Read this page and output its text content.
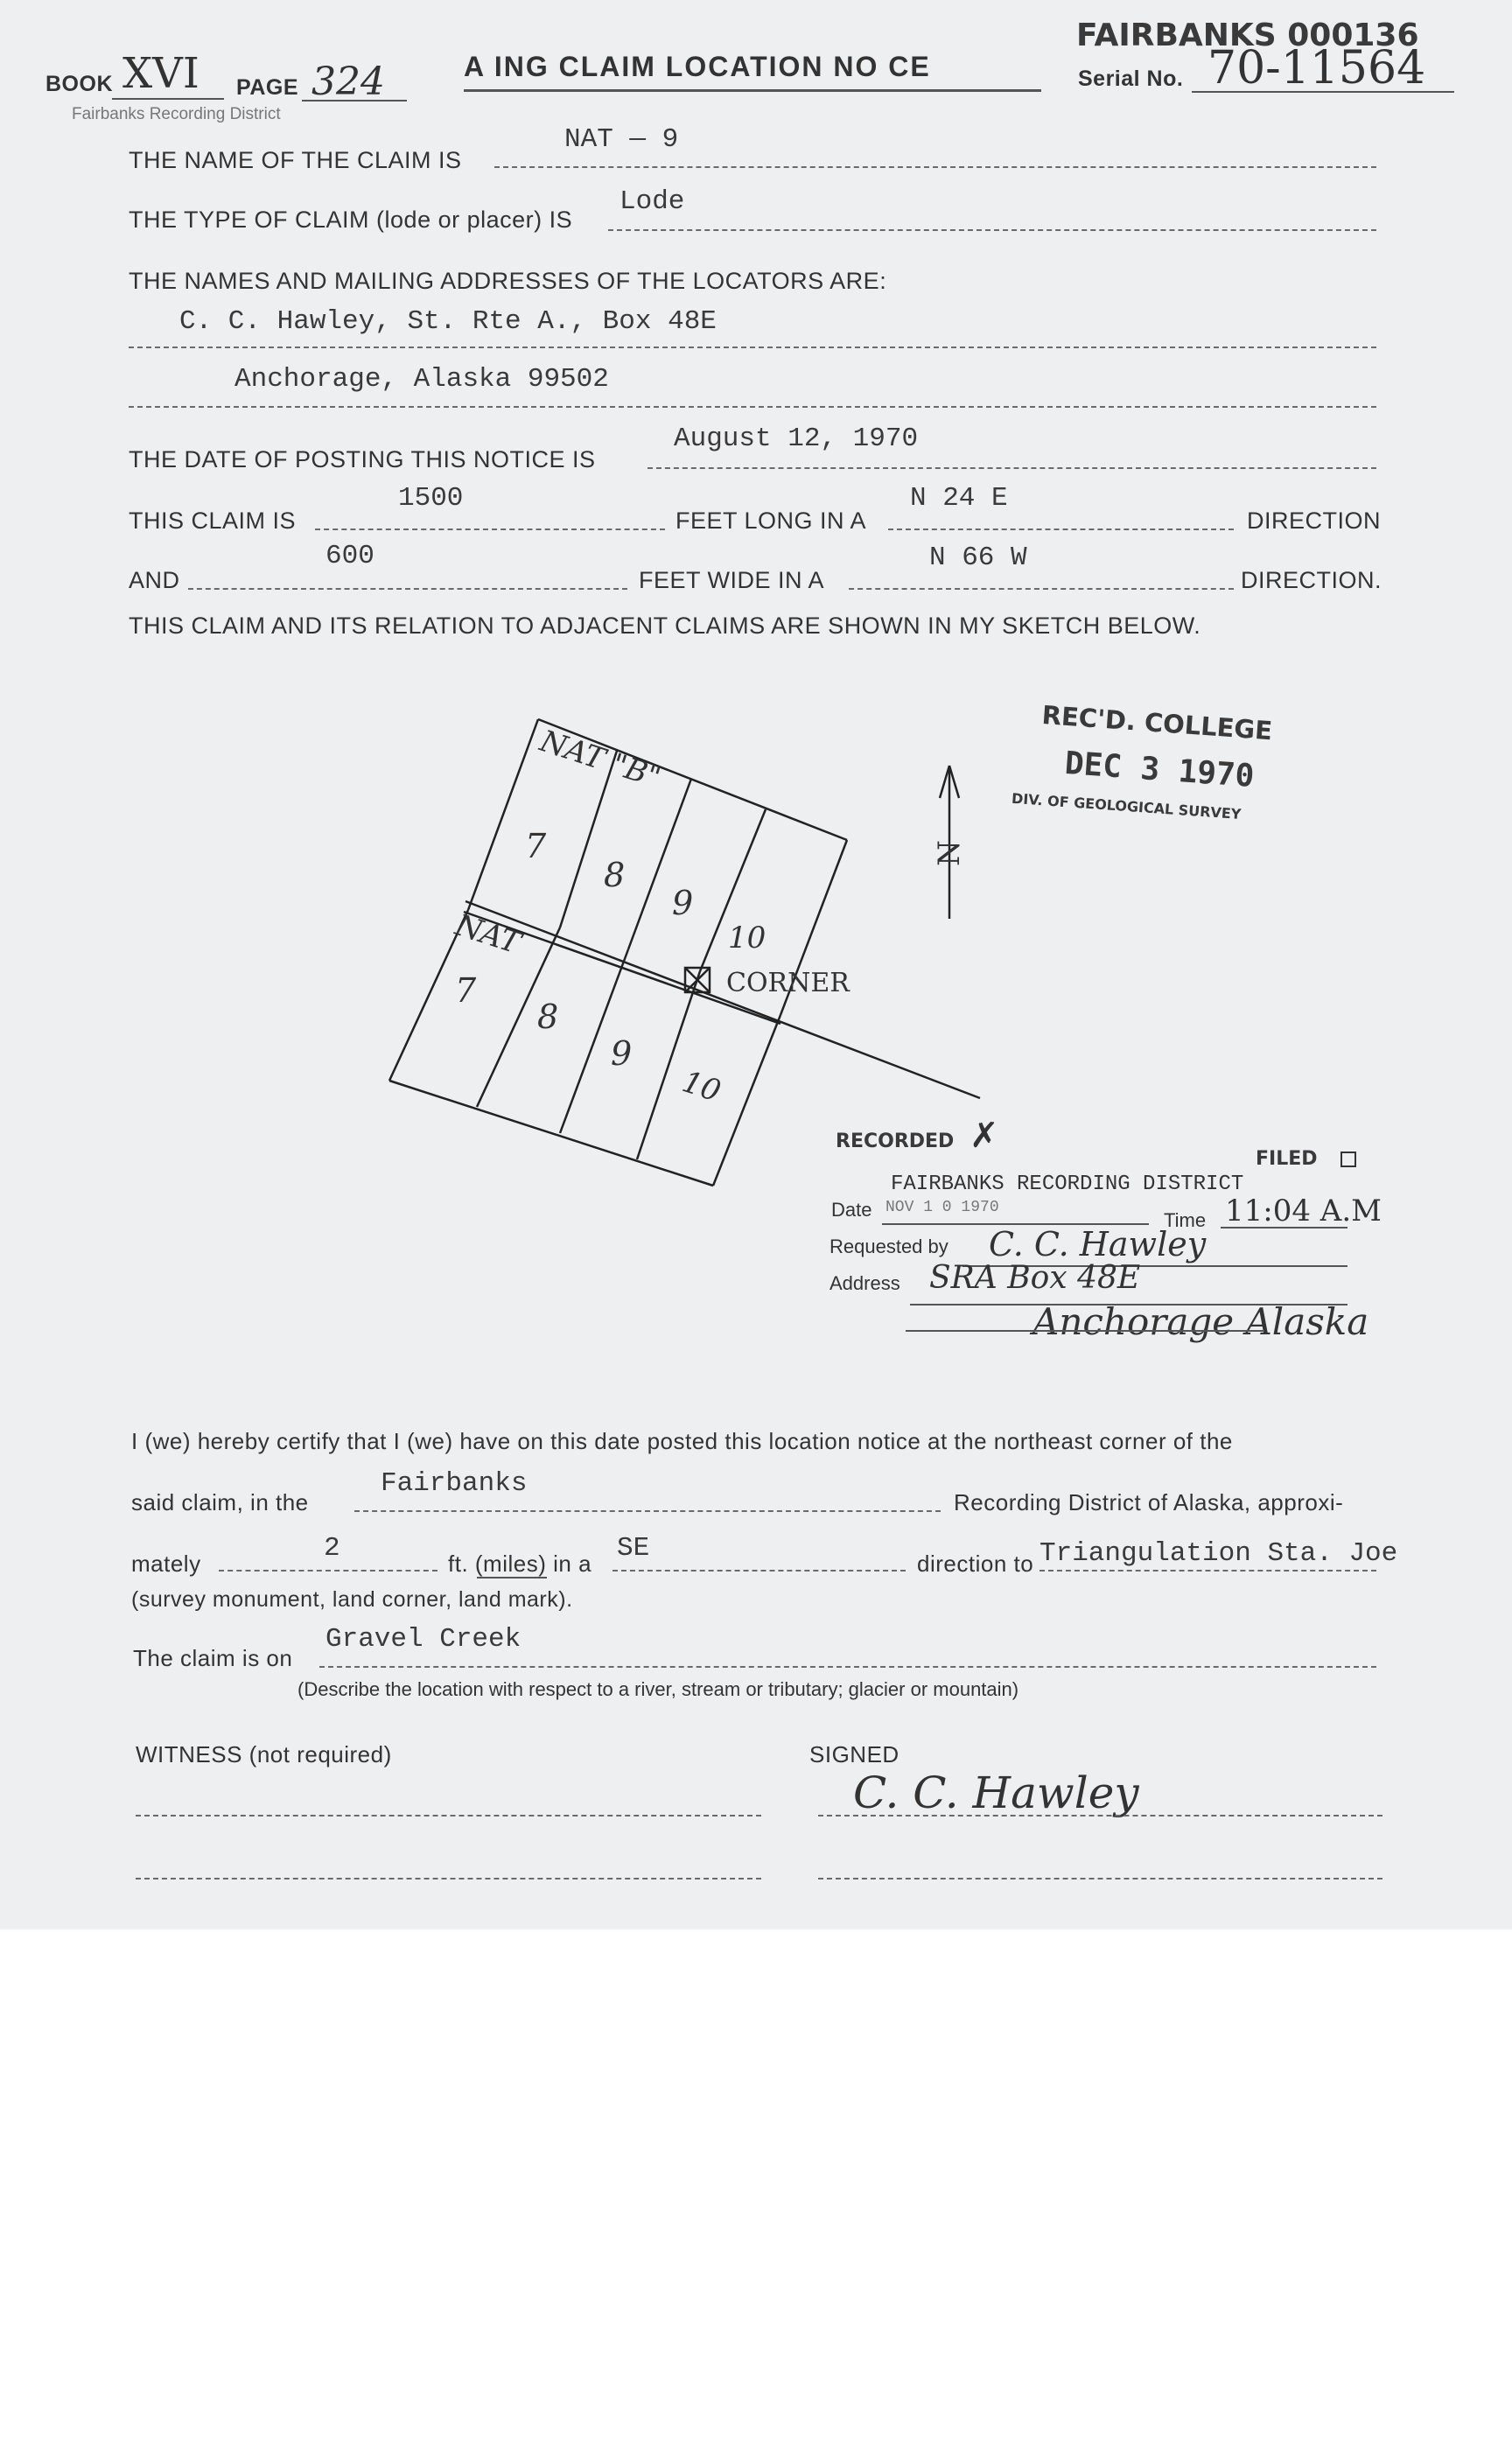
BOOK XVI PAGE 324
Fairbanks Recording District
A ING CLAIM LOCATION NO CE
FAIRBANKS 000136
Serial No. 70-11564
THE NAME OF THE CLAIM IS
NAT — 9
THE TYPE OF CLAIM (lode or placer) IS
Lode
THE NAMES AND MAILING ADDRESSES OF THE LOCATORS ARE:
C. C. Hawley, St. Rte A., Box 48E
Anchorage, Alaska 99502
THE DATE OF POSTING THIS NOTICE IS
August 12, 1970
THIS CLAIM IS
1500
FEET LONG IN A
N 24 E
DIRECTION
AND
600
FEET WIDE IN A
N 66 W
DIRECTION.
THIS CLAIM AND ITS RELATION TO ADJACENT CLAIMS ARE SHOWN IN MY SKETCH BELOW.
NAT "B"
7
8
9
10
NAT
7
8
9
10
CORNER
N
REC'D. COLLEGE
DEC 3 1970
DIV. OF GEOLOGICAL SURVEY
RECORDED ✗
FILED
FAIRBANKS RECORDING DISTRICT
Date NOV 1 0 1970
Time 11:04 A.M
Requested by C. C. Hawley
Address SRA Box 48E
Anchorage Alaska
I (we) hereby certify that I (we) have on this date posted this location notice at the northeast corner of the
said claim, in the
Fairbanks
Recording District of Alaska, approxi-
mately	2	ft. (miles) in a SE	direction to Triangulation Sta. Joe
(survey monument, land corner, land mark).
The claim is on
Gravel Creek
(Describe the location with respect to a river, stream or tributary; glacier or mountain)
WITNESS (not required)	SIGNED
C. C. Hawley
